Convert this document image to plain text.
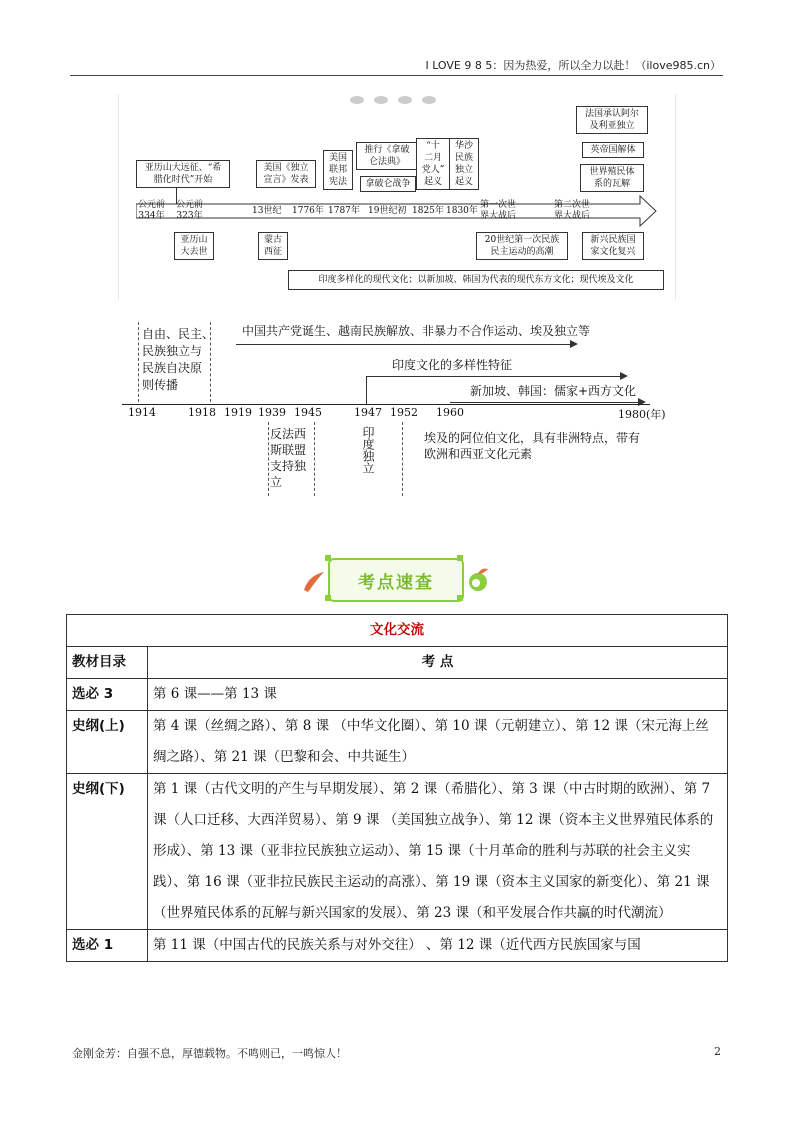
I LOVE 9 8 5：因为热爱，所以全力以赴！（ilove985.cn）
亚历山大远征、“希
腊化时代”开始
美国《独立
宣言》发表
美国
联邦
宪法
推行《拿破
仑法典》
拿破仑战争
“十
二月
党人”
起义
华沙
民族
独立
起义
法国承认阿尔
及利亚独立
英帝国解体
世界殖民体
系的瓦解
公元前
334年
公元前
323年	13世纪 1776年 1787年 19世纪初 1825年 1830年
第一次世
界大战后
第二次世
界大战后
亚历山
大去世
蒙古
西征
20世纪第一次民族
民主运动的高潮
新兴民族国
家文化复兴
印度多样化的现代文化；以新加坡、韩国为代表的现代东方文化；现代埃及文化
自由、民主、
民族独立与
民族自决原
则传播
中国共产党诞生、越南民族解放、非暴力不合作运动、埃及独立等
印度文化的多样性特征
新加坡、韩国：儒家+西方文化
1914	1918 1919 1939 1945	1947 1952 1960	1980(年)
反法西斯联盟支持独立
印度独立	埃及的阿位伯文化，具有非洲特点，带有
欧洲和西亚文化元素
考点速查
文化交流	
教材目录	考 点
选必 3	第 6 课——第 13 课
史纲(上)	第 4 课（丝绸之路）、第 8 课 （中华文化圈）、第 10 课（元朝建立）、第 12 课（宋元海上丝绸之路）、第 21 课（巴黎和会、中共诞生）
史纲(下)	第 1 课（古代文明的产生与早期发展）、第 2 课（希腊化）、第 3 课（中古时期的欧洲）、第 7 课（人口迁移、大西洋贸易）、第 9 课 （美国独立战争）、第 12 课（资本主义世界殖民体系的形成）、第 13 课（亚非拉民族独立运动）、第 15 课（十月革命的胜利与苏联的社会主义实践）、第 16 课（亚非拉民族民主运动的高涨）、第 19 课（资本主义国家的新变化）、第 21 课（世界殖民体系的瓦解与新兴国家的发展）、第 23 课（和平发展合作共赢的时代潮流）
选必 1	第 11 课（中国古代的民族关系与对外交往） 、第 12 课（近代西方民族国家与国
金刚金芳：自强不息，厚德载物。不鸣则已，一鸣惊人！	2
